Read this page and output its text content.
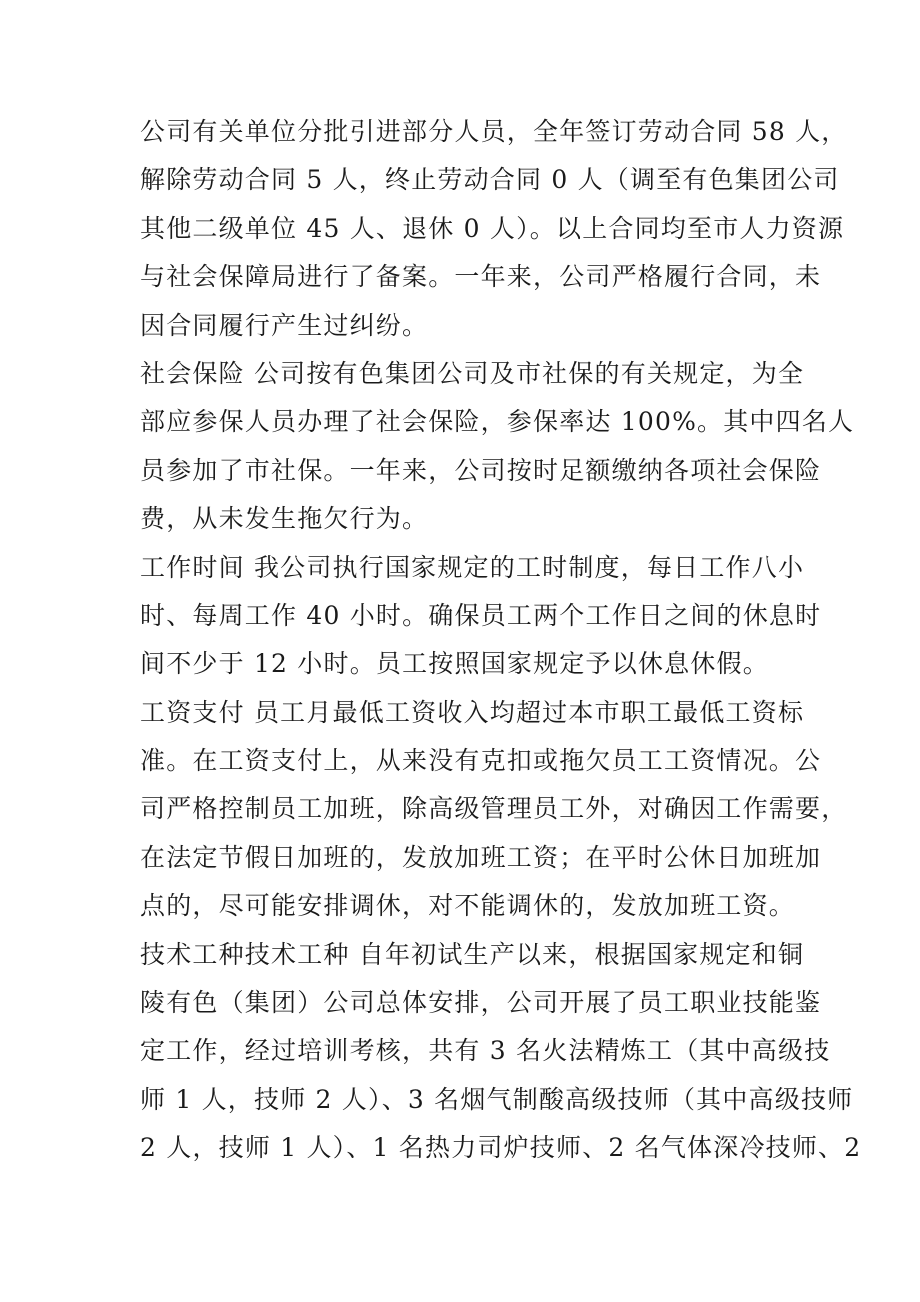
公司有关单位分批引进部分人员，全年签订劳动合同 58 人，
解除劳动合同 5 人，终止劳动合同 0 人（调至有色集团公司
其他二级单位 45 人、退休 0 人）。以上合同均至市人力资源
与社会保障局进行了备案。一年来，公司严格履行合同，未
因合同履行产生过纠纷。
社会保险 公司按有色集团公司及市社保的有关规定，为全
部应参保人员办理了社会保险，参保率达 100%。其中四名人
员参加了市社保。一年来，公司按时足额缴纳各项社会保险
费，从未发生拖欠行为。
工作时间 我公司执行国家规定的工时制度，每日工作八小
时、每周工作 40 小时。确保员工两个工作日之间的休息时
间不少于 12 小时。员工按照国家规定予以休息休假。
工资支付 员工月最低工资收入均超过本市职工最低工资标
准。在工资支付上，从来没有克扣或拖欠员工工资情况。公
司严格控制员工加班，除高级管理员工外，对确因工作需要，
在法定节假日加班的，发放加班工资；在平时公休日加班加
点的，尽可能安排调休，对不能调休的，发放加班工资。
技术工种技术工种 自年初试生产以来，根据国家规定和铜
陵有色（集团）公司总体安排，公司开展了员工职业技能鉴
定工作，经过培训考核，共有 3 名火法精炼工（其中高级技
师 1 人，技师 2 人）、3 名烟气制酸高级技师（其中高级技师
2 人，技师 1 人）、1 名热力司炉技师、2 名气体深冷技师、2
